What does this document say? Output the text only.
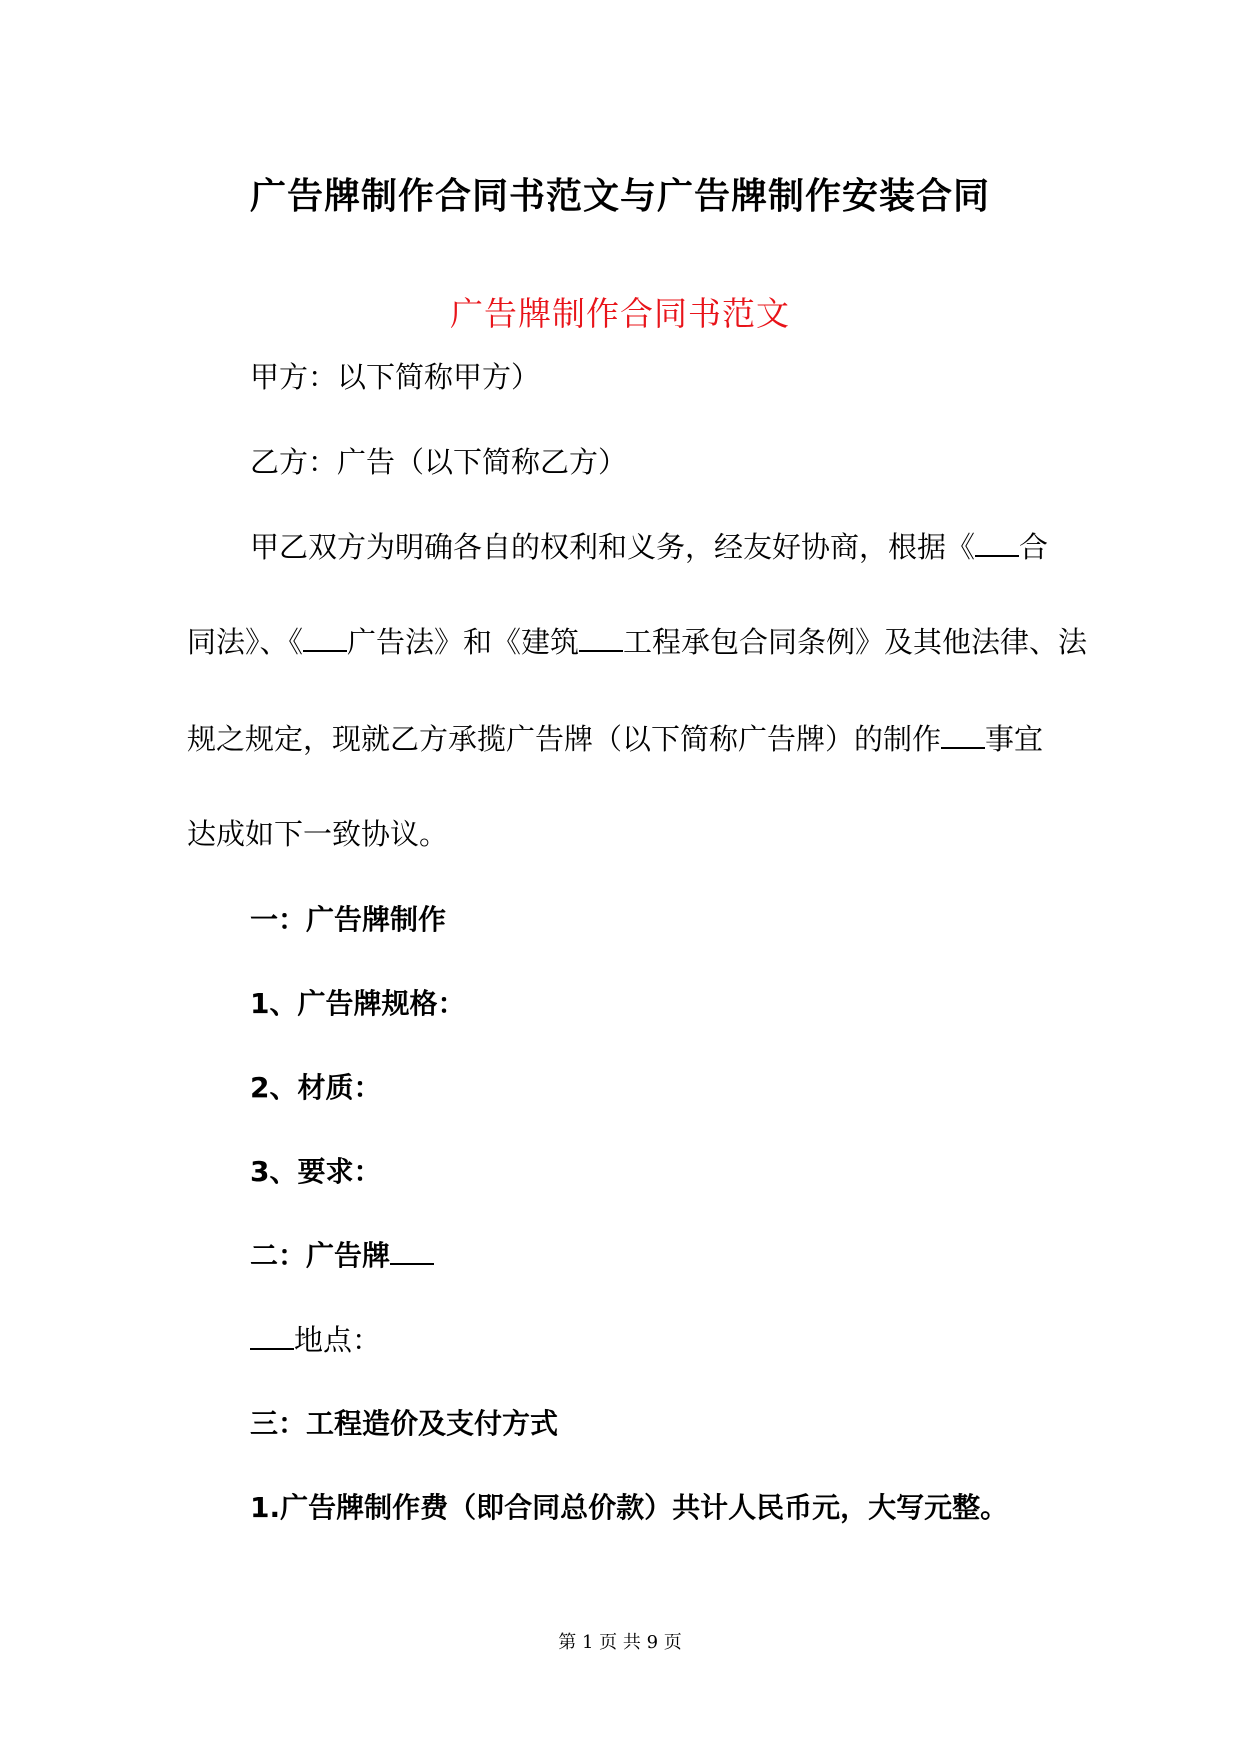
广告牌制作合同书范文与广告牌制作安装合同
广告牌制作合同书范文
甲方：以下简称甲方）
乙方：广告（以下简称乙方）
甲乙双方为明确各自的权利和义务，经友好协商，根据《 合
同法》、《 广告法》和《建筑 工程承包合同条例》及其他法律、法
规之规定，现就乙方承揽广告牌（以下简称广告牌）的制作 事宜
达成如下一致协议。
一：广告牌制作
1、广告牌规格：
2、材质：
3、要求：
二：广告牌
地点：
三：工程造价及支付方式
1.广告牌制作费（即合同总价款）共计人民币元，大写元整。
第 1 页 共 9 页
